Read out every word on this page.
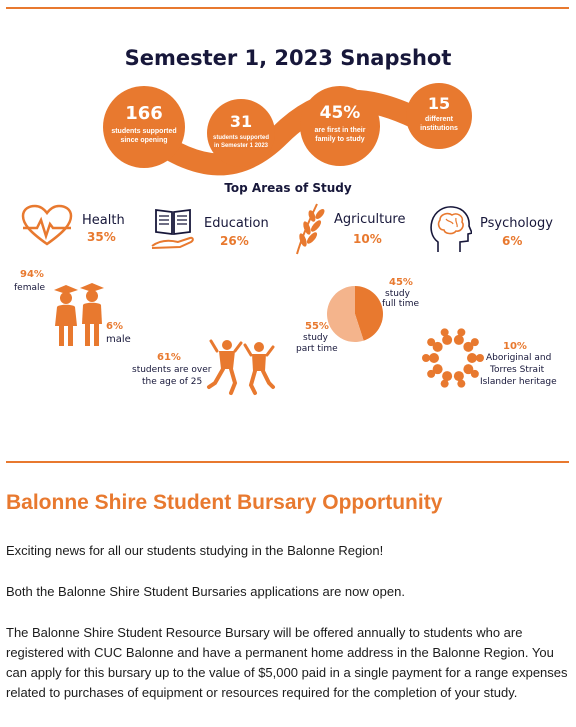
Semester 1, 2023 Snapshot
166
students supported
since opening
31
students supported
in Semester 1 2023
45%
are first in their
family to study
15
different
institutions
Top Areas of Study
Health
35%
Education
26%
Agriculture
10%
Psychology
6%
94%
female
6%
male
61%
students are over
the age of 25
45%
study
full time
55%
study
part time	10%
Aboriginal and
Torres Strait
Islander heritage
Balonne Shire Student Bursary Opportunity
Exciting news for all our students studying in the Balonne Region!
Both the Balonne Shire Student Bursaries applications are now open.
The Balonne Shire Student Resource Bursary will be offered annually to students who are registered with CUC Balonne and have a permanent home address in the Balonne Region. You can apply for this bursary up to the value of $5,000 paid in a single payment for a range expenses related to purchases of equipment or resources required for the completion of your study.
